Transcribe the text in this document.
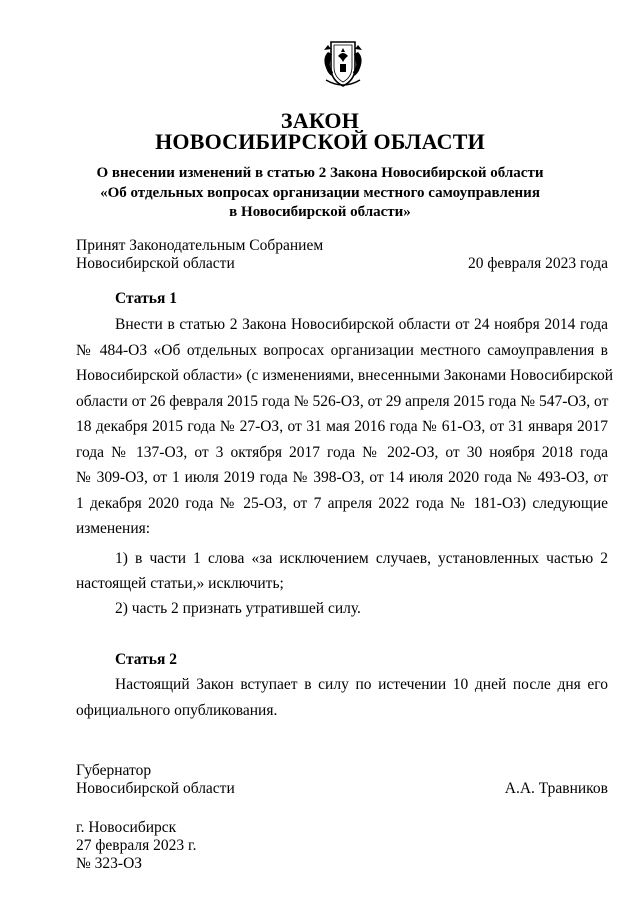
ЗАКОН
НОВОСИБИРСКОЙ ОБЛАСТИ
О внесении изменений в статью 2 Закона Новосибирской области
«Об отдельных вопросах организации местного самоуправления
в Новосибирской области»
Принят Законодательным Собранием
Новосибирской области	20 февраля 2023 года
Статья 1
Внести в статью 2 Закона Новосибирской области от 24 ноября 2014 года
№ 484-ОЗ «Об отдельных вопросах организации местного самоуправления в
Новосибирской области» (с изменениями, внесенными Законами Новосибирской
области от 26 февраля 2015 года № 526-ОЗ, от 29 апреля 2015 года № 547-ОЗ, от
18 декабря 2015 года № 27-ОЗ, от 31 мая 2016 года № 61-ОЗ, от 31 января 2017
года № 137-ОЗ, от 3 октября 2017 года № 202-ОЗ, от 30 ноября 2018 года
№ 309-ОЗ, от 1 июля 2019 года № 398-ОЗ, от 14 июля 2020 года № 493-ОЗ, от
1 декабря 2020 года № 25-ОЗ, от 7 апреля 2022 года № 181-ОЗ) следующие
изменения:
1) в части 1 слова «за исключением случаев, установленных частью 2
настоящей статьи,» исключить;
2) часть 2 признать утратившей силу.
Статья 2
Настоящий Закон вступает в силу по истечении 10 дней после дня его
официального опубликования.
Губернатор
Новосибирской области	А.А. Травников
г. Новосибирск
27 февраля 2023 г.
№ 323-ОЗ
